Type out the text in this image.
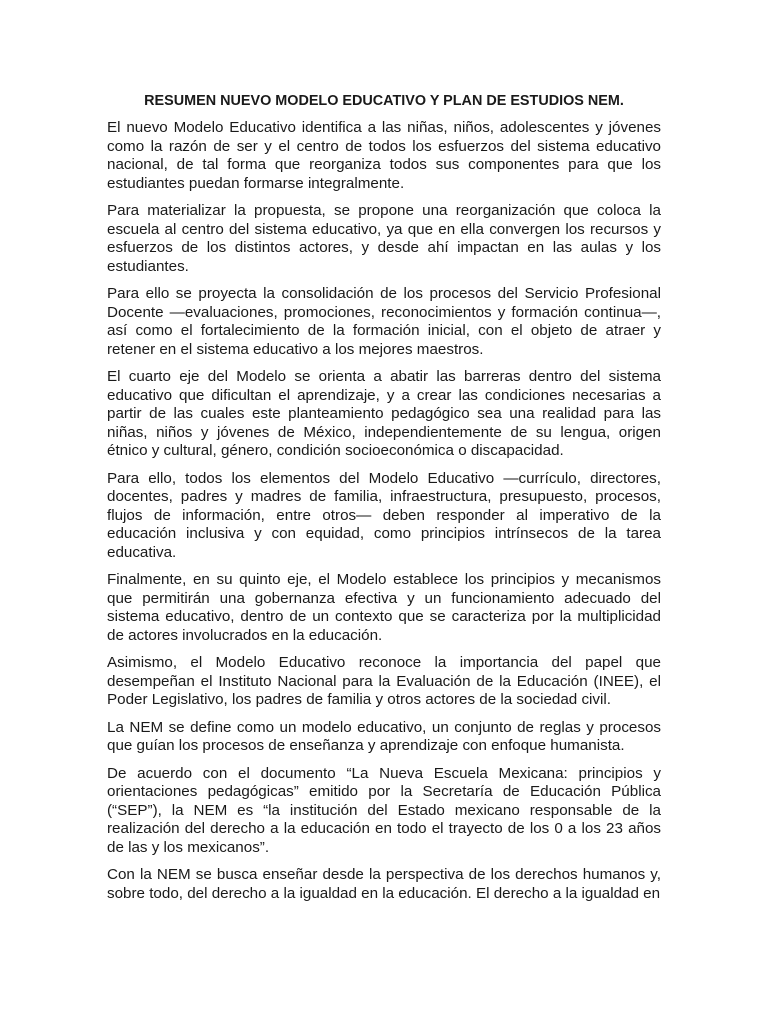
RESUMEN NUEVO MODELO EDUCATIVO Y PLAN DE ESTUDIOS NEM.

El nuevo Modelo Educativo identifica a las niñas, niños, adolescentes y jóvenes como la razón de ser y el centro de todos los esfuerzos del sistema educativo nacional, de tal forma que reorganiza todos sus componentes para que los estudiantes puedan formarse integralmente.

Para materializar la propuesta, se propone una reorganización que coloca la escuela al centro del sistema educativo, ya que en ella convergen los recursos y esfuerzos de los distintos actores, y desde ahí impactan en las aulas y los estudiantes.

Para ello se proyecta la consolidación de los procesos del Servicio Profesional Docente —evaluaciones, promociones, reconocimientos y formación continua—, así como el fortalecimiento de la formación inicial, con el objeto de atraer y retener en el sistema educativo a los mejores maestros.

El cuarto eje del Modelo se orienta a abatir las barreras dentro del sistema educativo que dificultan el aprendizaje, y a crear las condiciones necesarias a partir de las cuales este planteamiento pedagógico sea una realidad para las niñas, niños y jóvenes de México, independientemente de su lengua, origen étnico y cultural, género, condición socioeconómica o discapacidad.

Para ello, todos los elementos del Modelo Educativo —currículo, directores, docentes, padres y madres de familia, infraestructura, presupuesto, procesos, flujos de información, entre otros— deben responder al imperativo de la educación inclusiva y con equidad, como principios intrínsecos de la tarea educativa.

Finalmente, en su quinto eje, el Modelo establece los principios y mecanismos que permitirán una gobernanza efectiva y un funcionamiento adecuado del sistema educativo, dentro de un contexto que se caracteriza por la multiplicidad de actores involucrados en la educación.

Asimismo, el Modelo Educativo reconoce la importancia del papel que desempeñan el Instituto Nacional para la Evaluación de la Educación (INEE), el Poder Legislativo, los padres de familia y otros actores de la sociedad civil.

La NEM se define como un modelo educativo, un conjunto de reglas y procesos que guían los procesos de enseñanza y aprendizaje con enfoque humanista.

De acuerdo con el documento “La Nueva Escuela Mexicana: principios y orientaciones pedagógicas” emitido por la Secretaría de Educación Pública (“SEP”), la NEM es “la institución del Estado mexicano responsable de la realización del derecho a la educación en todo el trayecto de los 0 a los 23 años de las y los mexicanos”.

Con la NEM se busca enseñar desde la perspectiva de los derechos humanos y, sobre todo, del derecho a la igualdad en la educación. El derecho a la igualdad en
